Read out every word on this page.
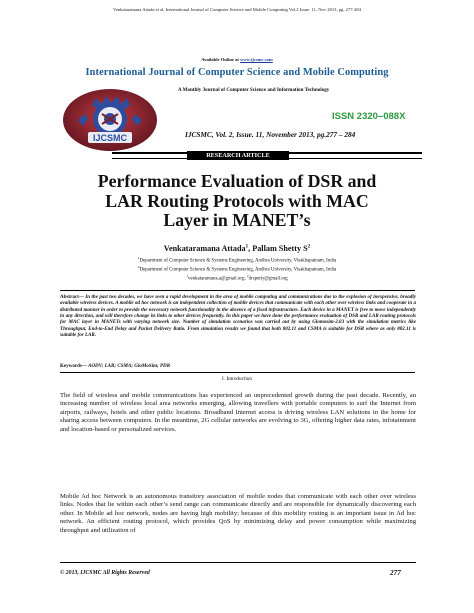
Venkataramana Attada et al, International Journal of Computer Science and Mobile Computing Vol.2 Issue. 11, Nov 2013, pg. 277-284
Available Online at www.ijcsmc.com
International Journal of Computer Science and Mobile Computing
A Monthly Journal of Computer Science and Information Technology
IJCSMC
ISSN 2320–088X
IJCSMC, Vol. 2, Issue. 11, November 2013, pg.277 – 284
RESEARCH ARTICLE
Performance Evaluation of DSR and
LAR Routing Protocols with MAC
Layer in MANET’s
Venkataramana Attada$^1$, Pallam Shetty $S^2$
$^1$Department of Computer Science & Systems Engineering, Andhra University, Visakhapatnam, India
$^2$Department of Computer Science & Systems Engineering, Andhra University, Visakhapatnam, India
$^1$venkataramana.a@gmail.org; $^2$drspetty@gmail.org
Abstract— In the past two decades, we have seen a rapid development in the area of mobile computing and communications due to the explosion of inexpensive, broadly available wireless devices. A mobile ad hoc network is an independent collection of mobile devices that communicate with each other over wireless links and cooperate in a distributed manner in order to provide the necessary network functionality in the absence of a fixed infrastructure. Each device in a MANET is free to move independently in any direction, and will therefore change its links to other devices frequently. In this paper we have done the performance evaluation of DSR and LAR routing protocols for MAC layer in MANETs with varying network size. Number of simulation scenarios was carried out by using Glomosim-2.03 with the simulation metrics like Throughput, End-to-End Delay and Packet Delivery Ratio. From simulation results we found that both 802.11 and CSMA is suitable for DSR where as only 802.11 is suitable for LAR.
Keywords— AODV; LAR; CSMA; GloMoSim; PDR
I. Introduction
The field of wireless and mobile communications has experienced an unprecedented growth during the past decade. Recently, an increasing number of wireless local area networks emerging, allowing travellers with portable computers to surf the Internet from airports, railways, hotels and other public locations. Broadband Internet access is driving wireless LAN solutions in the home for sharing access between computers. In the meantime, 2G cellular networks are evolving to 3G, offering higher data rates, infotainment and location-based or personalized services.
Mobile Ad hoc Network is an autonomous transitory association of mobile nodes that communicate with each other over wireless links. Nodes that lie within each other’s send range can communicate directly and are responsible for dynamically discovering each other. In Mobile ad hoc network, nodes are having high mobility; because of this mobility routing is an important issue in Ad hoc network. An efficient routing protocol, which provides QoS by minimizing delay and power consumption while maximizing throughput and utilization of
© 2013, IJCSMC All Rights Reserved	277
